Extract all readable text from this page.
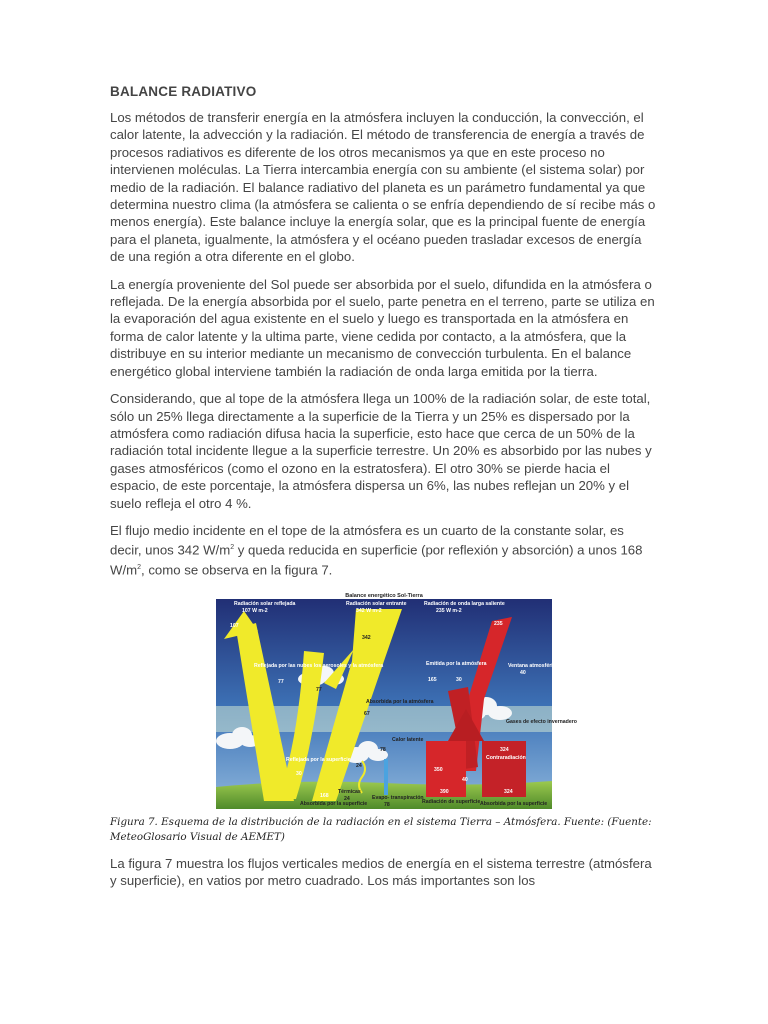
BALANCE RADIATIVO

Los métodos de transferir energía en la atmósfera incluyen la conducción, la convección, el calor latente, la advección y la radiación. El método de transferencia de energía a través de procesos radiativos es diferente de los otros mecanismos ya que en este proceso no intervienen moléculas. La Tierra intercambia energía con su ambiente (el sistema solar) por medio de la radiación. El balance radiativo del planeta es un parámetro fundamental ya que determina nuestro clima (la atmósfera se calienta o se enfría dependiendo de sí recibe más o menos energía). Este balance incluye la energía solar, que es la principal fuente de energía para el planeta, igualmente, la atmósfera y el océano pueden trasladar excesos de energía de una región a otra diferente en el globo.

La energía proveniente del Sol puede ser absorbida por el suelo, difundida en la atmósfera o reflejada. De la energía absorbida por el suelo, parte penetra en el terreno, parte se utiliza en la evaporación del agua existente en el suelo y luego es transportada en la atmósfera en forma de calor latente y la ultima parte, viene cedida por contacto, a la atmósfera, que la distribuye en su interior mediante un mecanismo de convección turbulenta. En el balance energético global interviene también la radiación de onda larga emitida por la tierra.

Considerando, que al tope de la atmósfera llega un 100% de la radiación solar, de este total, sólo un 25% llega directamente a la superficie de la Tierra y un 25% es dispersado por la atmósfera como radiación difusa hacia la superficie, esto hace que cerca de un 50% de la radiación total incidente llegue a la superficie terrestre. Un 20% es absorbido por las nubes y gases atmosféricos (como el ozono en la estratosfera). El otro 30% se pierde hacia el espacio, de este porcentaje, la atmósfera dispersa un 6%, las nubes reflejan un 20% y el suelo refleja el otro 4 %.

El flujo medio incidente en el tope de la atmósfera es un cuarto de la constante solar, es decir, unos 342 $W/m^2$ y queda reducida en superficie (por reflexión y absorción) a unos 168 $W/m^2$, como se observa en la figura 7.

Balance energético Sol-Tierra
Radiación solar reflejada
107 W m-2
Radiación solar entrante
342 W m-2
Radiación de onda larga saliente
235 W m-2
Reflejada por las nubes los aerosoles y la atmósfera
77
Emitida por la atmósfera	Ventana atmosférica
40
Absorbida por la atmósfera
Gases de efecto invernadero
Calor latente
Reflejada por la superficie
30
Térmicas
24	Evapo- transpiración
78	Radiación de superficie
390
Absorbida por la superficie	Absorbida por la superficie
168
324
Contraradiación
324
107
342
77
67
165	30
235
24
78
350
40
Figura 7. Esquema de la distribución de la radiación en el sistema Tierra – Atmósfera. Fuente: (Fuente: MeteoGlosario Visual de AEMET)

La figura 7 muestra los flujos verticales medios de energía en el sistema terrestre (atmósfera y superficie), en vatios por metro cuadrado. Los más importantes son los
